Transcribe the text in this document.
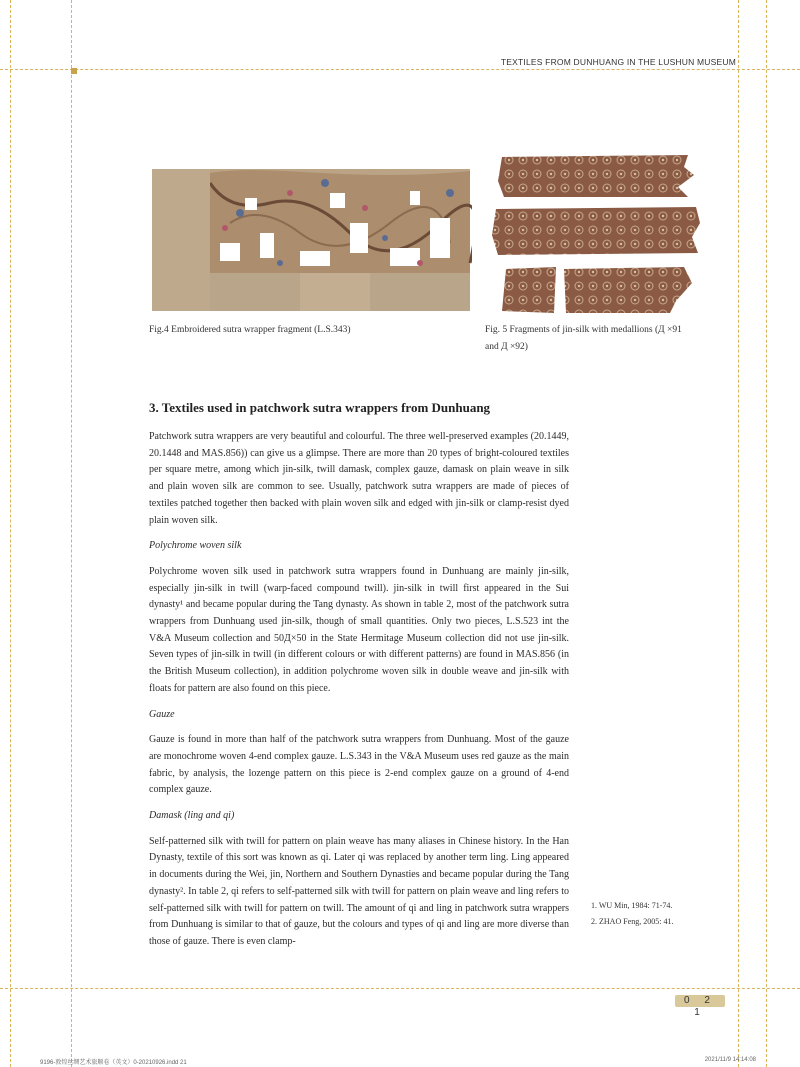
TEXTILES FROM DUNHUANG IN THE LUSHUN MUSEUM
Fig.4 Embroidered sutra wrapper fragment (L.S.343)	Fig. 5 Fragments of jin-silk with medallions (Д ×91
and Д ×92)
3. Textiles used in patchwork sutra wrappers from Dunhuang

Patchwork sutra wrappers are very beautiful and colourful. The three well-preserved examples (20.1449, 20.1448 and MAS.856)) can give us a glimpse. There are more than 20 types of bright-coloured textiles per square metre, among which jin-silk, twill damask, complex gauze, damask on plain weave in silk and plain woven silk are common to see. Usually, patchwork sutra wrappers are made of pieces of textiles patched together then backed with plain woven silk and edged with jin-silk or clamp-resist dyed plain woven silk.

Polychrome woven silk

Polychrome woven silk used in patchwork sutra wrappers found in Dunhuang are mainly jin-silk, especially jin-silk in twill (warp-faced compound twill). jin-silk in twill first appeared in the Sui dynasty¹ and became popular during the Tang dynasty. As shown in table 2, most of the patchwork sutra wrappers from Dunhuang used jin-silk, though of small quantities. Only two pieces, L.S.523 int the V&A Museum collection and 50Д×50 in the State Hermitage Museum collection did not use jin-silk. Seven types of jin-silk in twill (in different colours or with different patterns) are found in MAS.856 (in the British Museum collection), in addition polychrome woven silk in double weave and jin-silk with floats for pattern are also found on this piece.

Gauze

Gauze is found in more than half of the patchwork sutra wrappers from Dunhuang. Most of the gauze are monochrome woven 4-end complex gauze. L.S.343 in the V&A Museum uses red gauze as the main fabric, by analysis, the lozenge pattern on this piece is 2-end complex gauze on a ground of 4-end complex gauze.

Damask (ling and qi)

Self-patterned silk with twill for pattern on plain weave has many aliases in Chinese history. In the Han Dynasty, textile of this sort was known as qi. Later qi was replaced by another term ling. Ling appeared in documents during the Wei, jin, Northern and Southern Dynasties and became popular during the Tang dynasty². In table 2, qi refers to self-patterned silk with twill for pattern on plain weave and ling refers to self-patterned silk with twill for pattern on twill. The amount of qi and ling in patchwork sutra wrappers from Dunhuang is similar to that of gauze, but the colours and types of qi and ling are more diverse than those of gauze. There is even clamp-

1. WU Min, 1984: 71-74.
2. ZHAO Feng, 2005: 41.
0 2 1
9196-敦煌丝绸艺术旅顺卷（英文）0-20210926.indd 21	2021/11/9 14:14:08
